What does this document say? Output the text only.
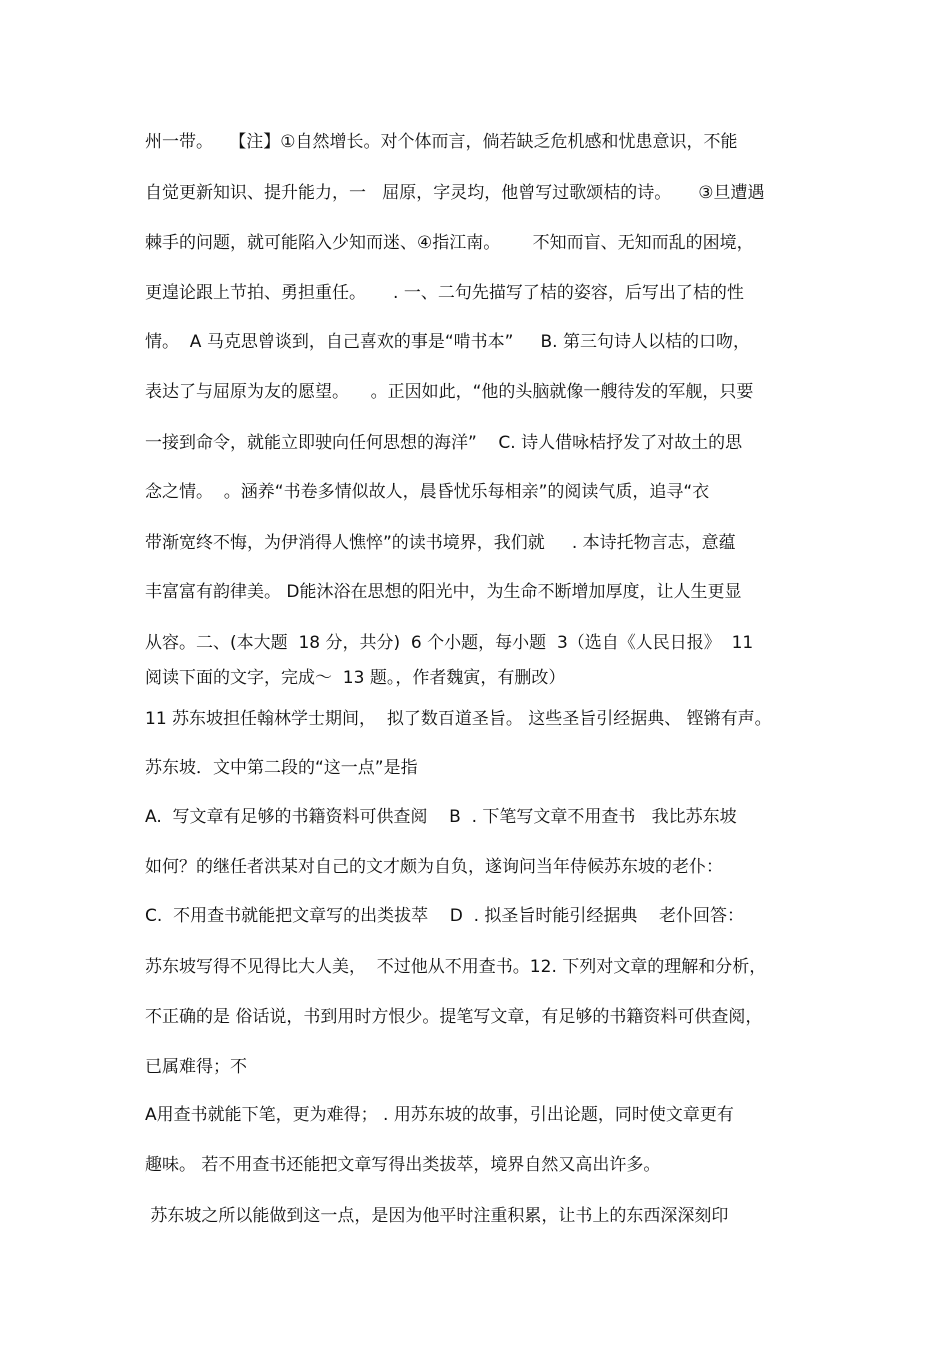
州一带。   【注】①自然增长。对个体而言，倘若缺乏危机感和忧患意识，不能
自觉更新知识、提升能力，一   屈原，字灵均，他曾写过歌颂桔的诗。     ③旦遭遇
棘手的问题，就可能陷入少知而迷、④指江南。      不知而盲、无知而乱的困境，
更遑论跟上节拍、勇担重任。     . 一、二句先描写了桔的姿容，后写出了桔的性
情。  A 马克思曾谈到，自己喜欢的事是“啃书本”     B. 第三句诗人以桔的口吻，
表达了与屈原为友的愿望。    。正因如此，“他的头脑就像一艘待发的军舰，只要
一接到命令，就能立即驶向任何思想的海洋”    C. 诗人借咏桔抒发了对故土的思
念之情。  。涵养“书卷多情似故人，晨昏忧乐每相亲”的阅读气质，追寻“衣
带渐宽终不悔，为伊消得人憔悴”的读书境界，我们就     . 本诗托物言志，意蕴
丰富富有韵律美。 D能沐浴在思想的阳光中，为生命不断增加厚度，让人生更显
从容。二、(本大题  18 分，共分)  6 个小题，每小题  3（选自《人民日报》  11
阅读下面的文字，完成～  13 题。，作者魏寅，有删改）
11 苏东坡担任翰林学士期间，  拟了数百道圣旨。 这些圣旨引经据典、 铿锵有声。
苏东坡．文中第二段的“这一点”是指
A.  写文章有足够的书籍资料可供查阅    B  . 下笔写文章不用查书   我比苏东坡
如何？的继任者洪某对自己的文才颇为自负，遂询问当年侍候苏东坡的老仆：
C.  不用查书就能把文章写的出类拔萃    D  . 拟圣旨时能引经据典    老仆回答：
苏东坡写得不见得比大人美，  不过他从不用查书。12. 下列对文章的理解和分析，
不正确的是 俗话说，书到用时方恨少。提笔写文章，有足够的书籍资料可供查阅，
已属难得；不
A用查书就能下笔，更为难得； . 用苏东坡的故事，引出论题，同时使文章更有
趣味。 若不用查书还能把文章写得出类拔萃，境界自然又高出许多。
苏东坡之所以能做到这一点，是因为他平时注重积累，让书上的东西深深刻印
